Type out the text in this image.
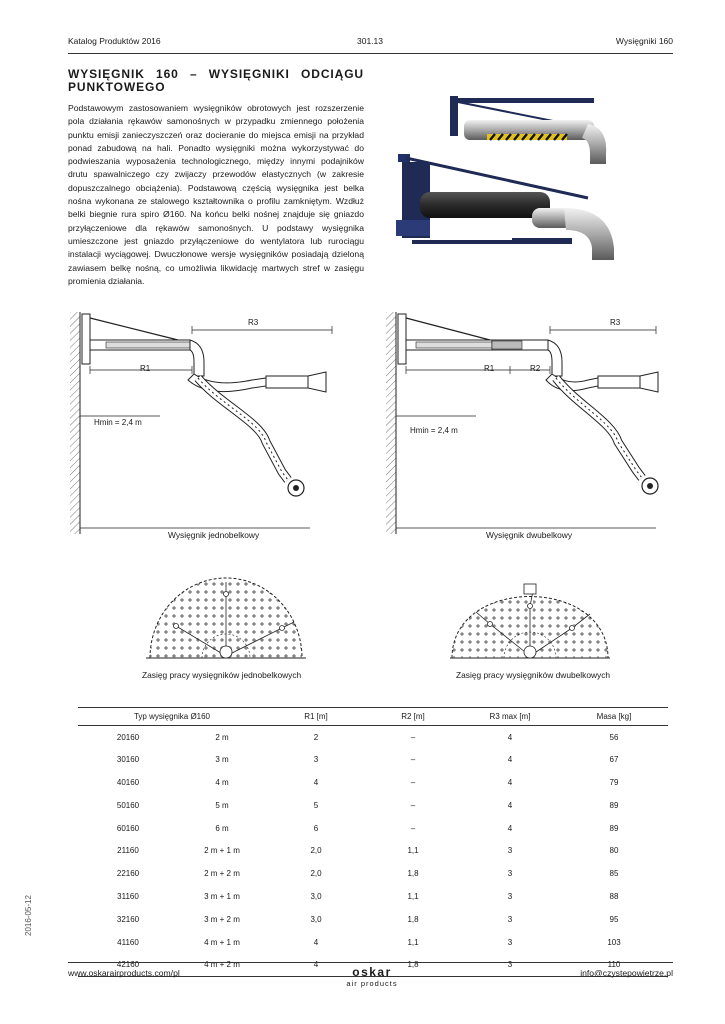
Katalog Produktów 2016	301.13	Wysięgniki 160
WYSIĘGNIK 160 – WYSIĘGNIKI ODCIĄGU PUNKTOWEGO
Podstawowym zastosowaniem wysięgników obrotowych jest rozszerzenie pola działania rękawów samonośnych w przypadku zmiennego położenia punktu emisji zanieczyszczeń oraz docieranie do miejsca emisji na przykład ponad zabudową na hali. Ponadto wysięgniki można wykorzystywać do podwieszania wyposażenia technologicznego, między innymi podajników drutu spawalniczego czy zwijaczy przewodów elastycznych (w zakresie dopuszczalnego obciążenia). Podstawową częścią wysięgnika jest belka nośna wykonana ze stalowego kształtownika o profilu zamkniętym. Wzdłuż belki biegnie rura spiro Ø160. Na końcu belki nośnej znajduje się gniazdo przyłączeniowe dla rękawów samonośnych. U podstawy wysięgnika umieszczone jest gniazdo przyłączeniowe do wentylatora lub rurociągu instalacji wyciągowej. Dwuczłonowe wersje wysięgników posiadają dzieloną zawiasem belkę nośną, co umożliwia likwidację martwych stref w zasięgu promienia działania.
R3
R1
Hmin = 2,4 m
Wysięgnik jednobelkowy
R3
R1	R2
Hmin = 2,4 m
Wysięgnik dwubelkowy
Zasięg pracy wysięgników jednobelkowych	Zasięg pracy wysięgników dwubelkowych
Typ wysięgnika Ø160		R1 [m]	R2 [m]	R3 max [m]	Masa [kg]
20160	2 m	2	–	4	56
30160	3 m	3	–	4	67
40160	4 m	4	–	4	79
50160	5 m	5	–	4	89
60160	6 m	6	–	4	89
21160	2 m + 1 m	2,0	1,1	3	80
22160	2 m + 2 m	2,0	1,8	3	85
31160	3 m + 1 m	3,0	1,1	3	88
32160	3 m + 2 m	3,0	1,8	3	95
41160	4 m + 1 m	4	1,1	3	103
42160	4 m + 2 m	4	1,8	3	110
2016-05-12
www.oskarairproducts.com/pl	oskar
air products
info@czystepowietrze.pl
